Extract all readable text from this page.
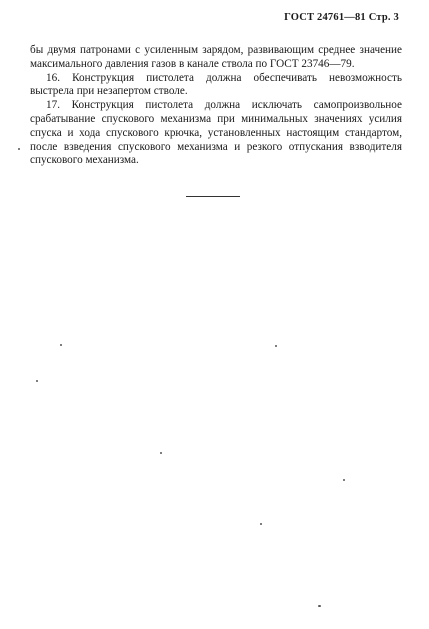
ГОСТ 24761—81 Стр. 3

бы двумя патронами с усиленным зарядом, развивающим среднее значение максимального давления газов в канале ствола по ГОСТ 23746—79.

16. Конструкция пистолета должна обеспечивать невозможность выстрела при незапертом стволе.

17. Конструкция пистолета должна исключать самопроизвольное срабатывание спускового механизма при минимальных значениях усилия спуска и хода спускового крючка, установленных настоящим стандартом, после взведения спускового механизма и резкого отпускания взводителя спускового механизма.
